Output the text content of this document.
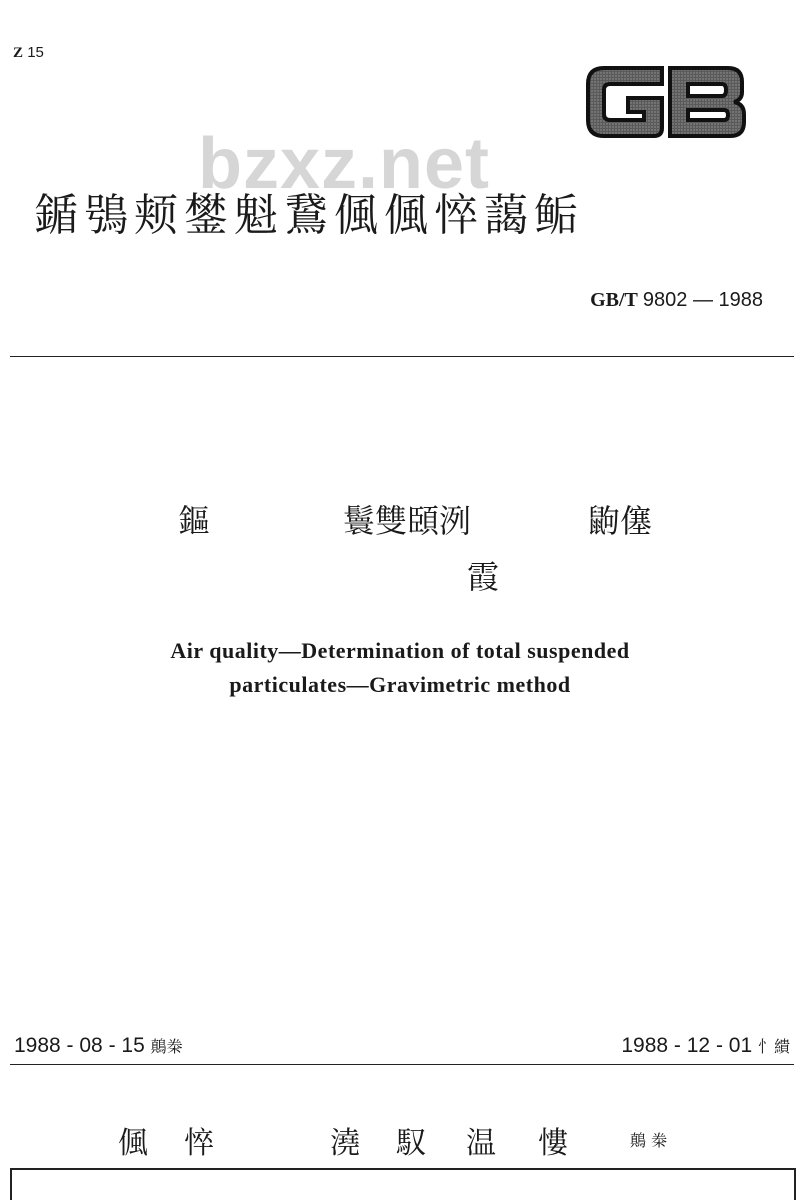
Z 15
bzxz.net
鍎鴞颊鐢魁鵞偑偑悴藹鲘
GB/T 9802 — 1988
鏂	鬟雙頣洌	鼩僿
霞
Air quality—Determination of total suspended
particulates—Gravimetric method
1988 - 08 - 15 鷏桊	1988 - 12 - 01 忄繢
偑 悴	澆 馭 温 慺	鷏 桊
